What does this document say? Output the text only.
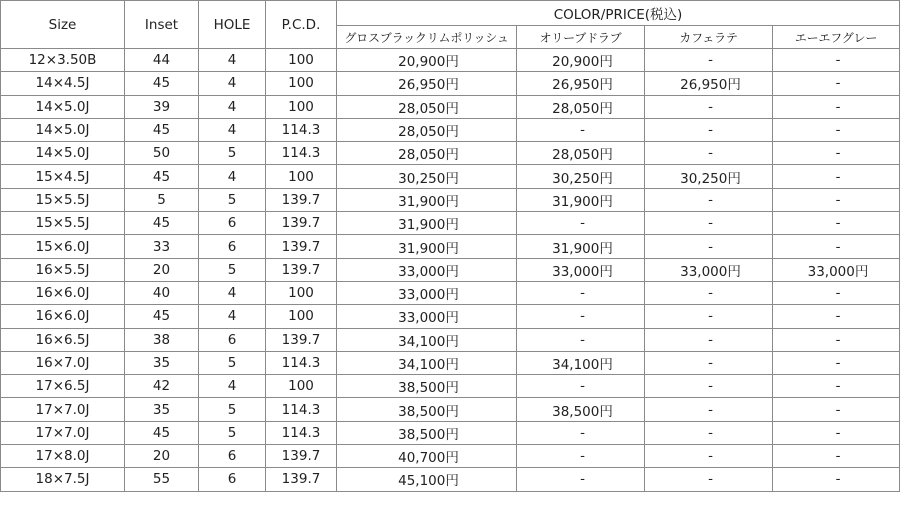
Size	Inset	HOLE	P.C.D.	COLOR/PRICE(税込)			
				グロスブラックリムポリッシュ	オリーブドラブ	カフェラテ	エーエフグレー
12×3.50B	44	4	100	20,900円	20,900円	-	-
14×4.5J	45	4	100	26,950円	26,950円	26,950円	-
14×5.0J	39	4	100	28,050円	28,050円	-	-
14×5.0J	45	4	114.3	28,050円	-	-	-
14×5.0J	50	5	114.3	28,050円	28,050円	-	-
15×4.5J	45	4	100	30,250円	30,250円	30,250円	-
15×5.5J	5	5	139.7	31,900円	31,900円	-	-
15×5.5J	45	6	139.7	31,900円	-	-	-
15×6.0J	33	6	139.7	31,900円	31,900円	-	-
16×5.5J	20	5	139.7	33,000円	33,000円	33,000円	33,000円
16×6.0J	40	4	100	33,000円	-	-	-
16×6.0J	45	4	100	33,000円	-	-	-
16×6.5J	38	6	139.7	34,100円	-	-	-
16×7.0J	35	5	114.3	34,100円	34,100円	-	-
17×6.5J	42	4	100	38,500円	-	-	-
17×7.0J	35	5	114.3	38,500円	38,500円	-	-
17×7.0J	45	5	114.3	38,500円	-	-	-
17×8.0J	20	6	139.7	40,700円	-	-	-
18×7.5J	55	6	139.7	45,100円	-	-	-
